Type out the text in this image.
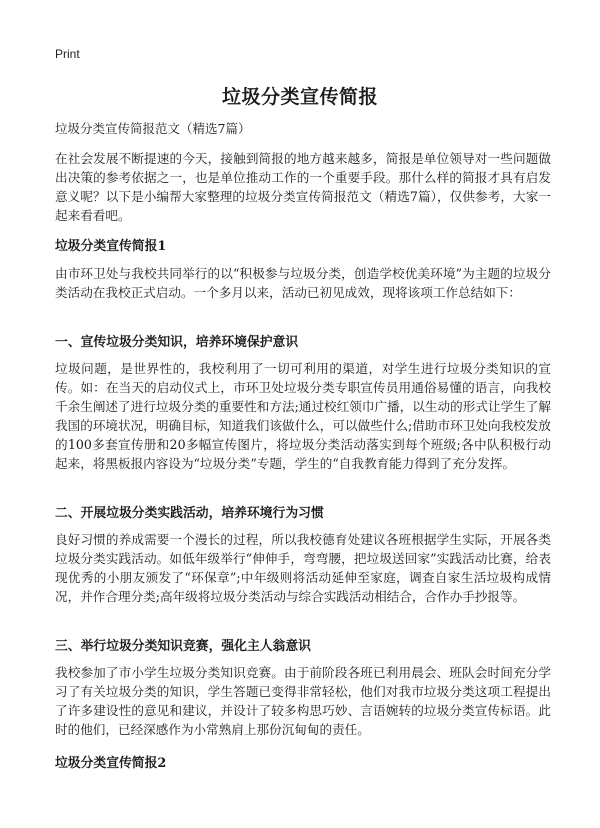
Print
垃圾分类宣传简报
垃圾分类宣传简报范文（精选7篇）

在社会发展不断提速的今天，接触到简报的地方越来越多，简报是单位领导对一些问题做出决策的参考依据之一，也是单位推动工作的一个重要手段。那什么样的简报才具有启发意义呢？以下是小编帮大家整理的垃圾分类宣传简报范文（精选7篇），仅供参考，大家一起来看看吧。

垃圾分类宣传简报1

由市环卫处与我校共同举行的以“积极参与垃圾分类，创造学校优美环境”为主题的垃圾分类活动在我校正式启动。一个多月以来，活动已初见成效，现将该项工作总结如下：

一、宣传垃圾分类知识，培养环境保护意识

垃圾问题，是世界性的，我校利用了一切可利用的渠道，对学生进行垃圾分类知识的宣传。如：在当天的启动仪式上，市环卫处垃圾分类专职宣传员用通俗易懂的语言，向我校千余生阐述了进行垃圾分类的重要性和方法;通过校红领巾广播，以生动的形式让学生了解我国的环境状况，明确目标，知道我们该做什么，可以做些什么;借助市环卫处向我校发放的100多套宣传册和20多幅宣传图片，将垃圾分类活动落实到每个班级;各中队积极行动起来，将黑板报内容设为“垃圾分类”专题，学生的“自我教育能力得到了充分发挥。

二、开展垃圾分类实践活动，培养环境行为习惯

良好习惯的养成需要一个漫长的过程，所以我校德育处建议各班根据学生实际，开展各类垃圾分类实践活动。如低年级举行“伸伸手，弯弯腰，把垃圾送回家”实践活动比赛，给表现优秀的小朋友颁发了“环保章”;中年级则将活动延伸至家庭，调查自家生活垃圾构成情况，并作合理分类;高年级将垃圾分类活动与综合实践活动相结合，合作办手抄报等。

三、举行垃圾分类知识竞赛，强化主人翁意识

我校参加了市小学生垃圾分类知识竞赛。由于前阶段各班已利用晨会、班队会时间充分学习了有关垃圾分类的知识，学生答题已变得非常轻松，他们对我市垃圾分类这项工程提出了许多建设性的意见和建议，并设计了较多构思巧妙、言语婉转的垃圾分类宣传标语。此时的他们，已经深感作为小常熟肩上那份沉甸甸的责任。

垃圾分类宣传简报2
